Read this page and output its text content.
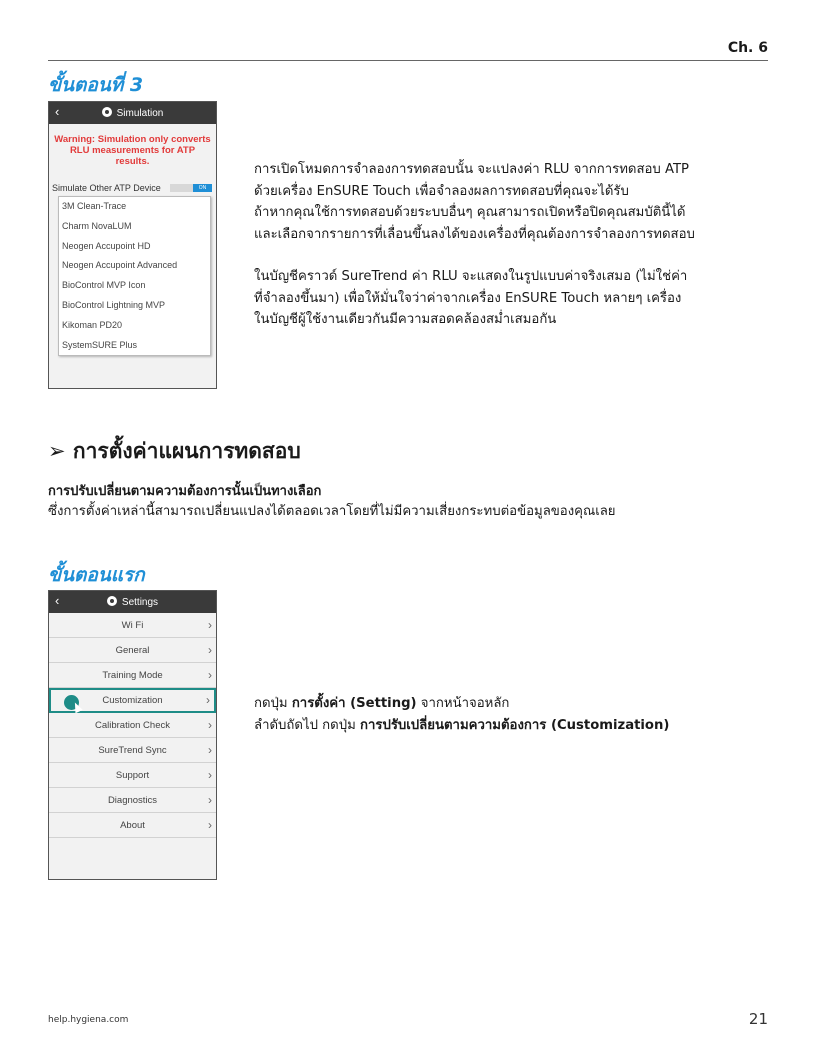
Ch. 6
ขั้นตอนที่ 3
‹	Simulation
Warning: Simulation only converts
RLU measurements for ATP results.
Simulate Other ATP Device	ON
3M Clean-Trace
Charm NovaLUM
Neogen Accupoint HD
Neogen Accupoint Advanced
BioControl MVP Icon
BioControl Lightning MVP
Kikoman PD20
SystemSURE Plus

การเปิดโหมดการจำลองการทดสอบนั้น จะแปลงค่า RLU จากการทดสอบ ATP

ด้วยเครื่อง EnSURE Touch เพื่อจำลองผลการทดสอบที่คุณจะได้รับ

ถ้าหากคุณใช้การทดสอบด้วยระบบอื่นๆ คุณสามารถเปิดหรือปิดคุณสมบัตินี้ได้

และเลือกจากรายการที่เลื่อนขึ้นลงได้ของเครื่องที่คุณต้องการจำลองการทดสอบ

ในบัญชีคราวด์ SureTrend ค่า RLU จะแสดงในรูปแบบค่าจริงเสมอ (ไม่ใช่ค่า

ที่จำลองขึ้นมา) เพื่อให้มั่นใจว่าค่าจากเครื่อง EnSURE Touch หลายๆ เครื่อง

ในบัญชีผู้ใช้งานเดียวกันมีความสอดคล้องสม่ำเสมอกัน

➢ การตั้งค่าแผนการทดสอบ
การปรับเปลี่ยนตามความต้องการนั้นเป็นทางเลือก
ซึ่งการตั้งค่าเหล่านี้สามารถเปลี่ยนแปลงได้ตลอดเวลาโดยที่ไม่มีความเสี่ยงกระทบต่อข้อมูลของคุณเลย
ขั้นตอนแรก
‹	Settings
Wi Fi	›
General	›
Training Mode	›
Customization	›
Calibration Check	›
SureTrend Sync	›
Support	›
Diagnostics	›
About	›

กดปุ่ม การตั้งค่า (Setting) จากหน้าจอหลัก

ลำดับถัดไป กดปุ่ม การปรับเปลี่ยนตามความต้องการ (Customization)

help.hygiena.com	21
